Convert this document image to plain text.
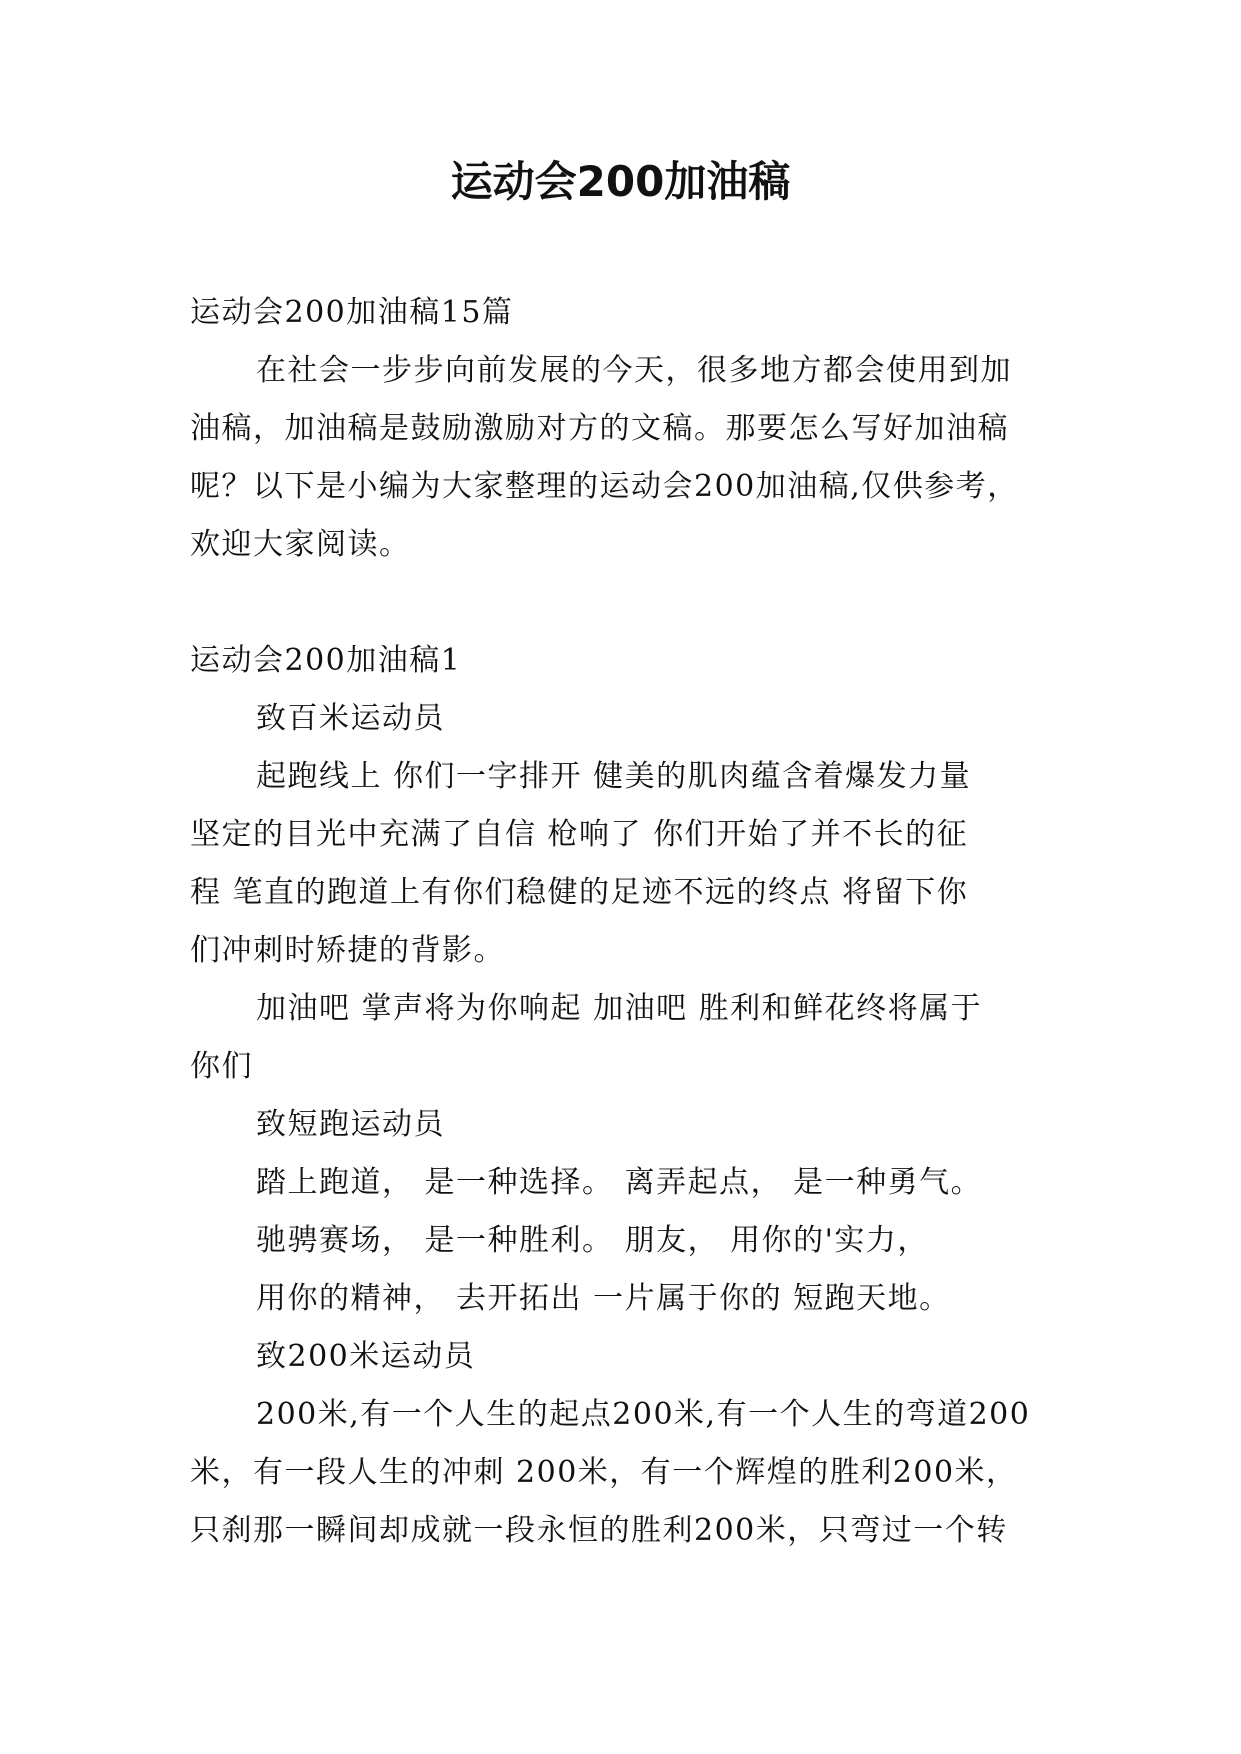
运动会200加油稿
运动会200加油稿15篇
在社会一步步向前发展的今天，很多地方都会使用到加
油稿，加油稿是鼓励激励对方的文稿。那要怎么写好加油稿
呢？以下是小编为大家整理的运动会200加油稿,仅供参考，
欢迎大家阅读。
运动会200加油稿1
致百米运动员
起跑线上 你们一字排开 健美的肌肉蕴含着爆发力量
坚定的目光中充满了自信 枪响了 你们开始了并不长的征
程 笔直的跑道上有你们稳健的足迹不远的终点 将留下你
们冲刺时矫捷的背影。
加油吧 掌声将为你响起 加油吧 胜利和鲜花终将属于
你们
致短跑运动员
踏上跑道， 是一种选择。 离弄起点， 是一种勇气。
驰骋赛场， 是一种胜利。 朋友， 用你的'实力，
用你的精神， 去开拓出 一片属于你的 短跑天地。
致200米运动员
200米,有一个人生的起点200米,有一个人生的弯道200
米，有一段人生的冲刺 200米，有一个辉煌的胜利200米，
只刹那一瞬间却成就一段永恒的胜利200米，只弯过一个转
